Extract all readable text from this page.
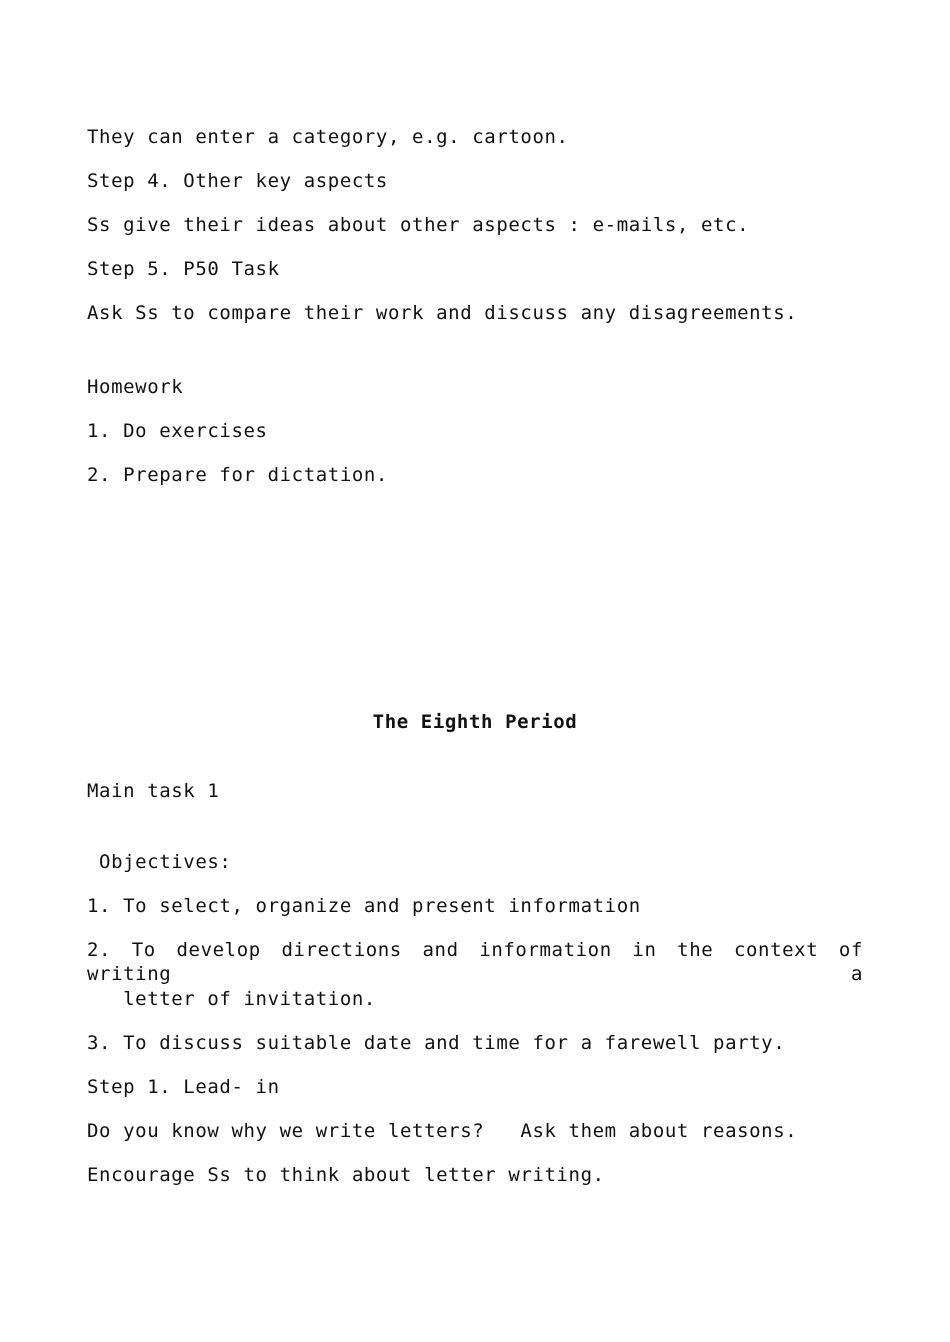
They can enter a category, e.g. cartoon.
Step 4. Other key aspects
Ss give their ideas about other aspects : e-mails, etc.
Step 5. P50 Task
Ask Ss to compare their work and discuss any disagreements.
Homework
1. Do exercises
2. Prepare for dictation.
The Eighth Period
Main task 1
Objectives:
1. To select, organize and present information
2. To develop directions and information in the context of writing a
letter of invitation.
3. To discuss suitable date and time for a farewell party.
Step 1. Lead- in
Do you know why we write letters?   Ask them about reasons.
Encourage Ss to think about letter writing.
